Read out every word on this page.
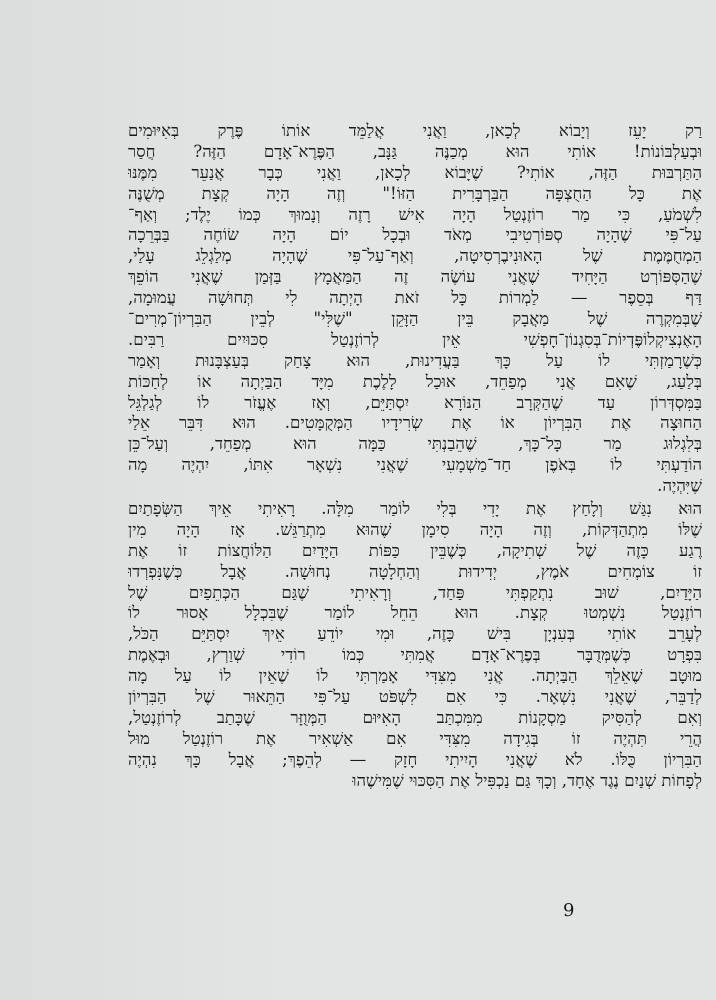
רַק יָעֵז וְיָבוֹא לְכָאן, וַאֲנִי אֲלַמֵּד אוֹתוֹ פֶּרֶק בְּאִיּוּמִים
וּבְעַלְבּוֹנוֹת! אוֹתִי הוּא מְכַנֶּה גַּנָּב, הַפֶּרֶא־אָדָם הַזֶּה? חֲסַר
הַתַּרְבּוּת הַזֶּה, אוֹתִי? שֶׁיָּבוֹא לְכָאן, וַאֲנִי כְּבָר אֲנַעֵר מִמֶּנּוּ
אֶת כָּל הַחֻצְפָּה הַבַּרְבָּרִית הַזּוֹ!" וְזֶה הָיָה קְצָת מְשֻׁנֶּה
לִשְׁמֹעַ, כִּי מַר רוֹזֶנְטַל הָיָה אִישׁ רָזֶה וְנָמוּךְ כְּמוֹ יֶלֶד; וְאַף־
עַל־פִּי שֶׁהָיָה סְפּוֹרְטִיבִי מְאֹד וּבְכָל יוֹם הָיָה שׂוֹחֶה בַּבְּרֵכָה
הַמְחֻמֶּמֶת שֶׁל הָאוּנִיבֶרְסִיטָה, וְאַף־עַל־פִּי שֶׁהָיָה מְלַגְלֵג עָלַי,
שֶׁהַסְּפּוֹרְט הַיָּחִיד שֶׁאֲנִי עוֹשֶׂה זֶה הַמַּאֲמָץ בַּזְּמַן שֶׁאֲנִי הוֹפֵךְ
דַּף בְּסֵפֶר — לַמְרוֹת כָּל זֹאת הָיְתָה לִי תְּחוּשָׁה עֲמוּמָה,
שֶׁבְּמִקְרֶה שֶׁל מַאֲבָק בֵּין הַזָּקֵן "שֶׁלִּי" לְבֵין הַבִּרְיוֹן־מְרִים־
הָאֶנְצִיקְלוֹפֶּדְיוֹת־בְּסִגְנוֹן־חָפְשִׁי אֵין לְרוֹזֶנְטַל סִכּוּיִים רַבִּים.
כְּשֶׁרָמַזְתִּי לוֹ עַל כָּךְ בַּעֲדִינוּת, הוּא צָחַק בְּעַצְבָּנוּת וְאָמַר
בְּלַעַג, שֶׁאִם אֲנִי מְפַחֵד, אוּכַל לָלֶכֶת מִיָּד הַבַּיְתָה אוֹ לְחַכּוֹת
בַּמִּסְדְּרוֹן עַד שֶׁהַקְּרָב הַנּוֹרָא יִסְתַּיֵּם, וְאָז אֶעֱזֹר לוֹ לְגַלְגֵּל
הַחוּצָה אֶת הַבִּרְיוֹן אוֹ אֶת שְׂרִידָיו הַמְּקֻמָּטִים. הוּא דִּבֵּר אֵלַי
בְּלִגְלוּג מַר כָּל־כָּךְ, שֶׁהֵבַנְתִּי כַּמָּה הוּא מְפַחֵד, וְעַל־כֵּן
הוֹדַעְתִּי לוֹ בְּאֹפֶן חַד־מַשְׁמָעִי שֶׁאֲנִי נִשְׁאָר אִתּוֹ, יִהְיֶה מָה
שֶׁיִּהְיֶה.
הוּא נִגַּשׁ וְלָחַץ אֶת יָדִי בְּלִי לוֹמַר מִלָּה. רָאִיתִי אֵיךְ הַשְּׂפָתַיִם
שֶׁלּוֹ מִתְהַדְּקוֹת, וְזֶה הָיָה סִימָן שֶׁהוּא מִתְרַגֵּשׁ. אָז הָיָה מִין
רֶגַע כָּזֶה שֶׁל שְׁתִיקָה, כְּשֶׁבֵּין כַּפּוֹת הַיָּדַיִם הַלּוֹחֲצוֹת זוֹ אֶת
זוֹ צוֹמְחִים אֹמֶץ, יְדִידוּת וְהַחְלָטָה נְחוּשָׁה. אֲבָל כְּשֶׁנִּפְרְדוּ
הַיָּדַיִם, שׁוּב נִתְקַפְתִּי פַּחַד, וְרָאִיתִי שֶׁגַּם הַכְּתֵפַיִם שֶׁל
רוֹזֶנְטַל נִשְׁמְטוּ קְצָת. הוּא הֵחֵל לוֹמַר שֶׁבִּכְלָל אָסוּר לוֹ
לְעָרֵב אוֹתִי בְּעִנְיָן בִּישׁ כָּזֶה, וּמִי יוֹדֵעַ אֵיךְ יִסְתַּיֵּם הַכֹּל,
בִּפְרָט כְּשֶׁמְּדֻבָּר בְּפֶרֶא־אָדָם אֲמִתִּי כְּמוֹ רוֹדִי שְׁוַרְץ, וּבְאֶמֶת
מוּטָב שֶׁאֵלֵךְ הַבַּיְתָה. אֲנִי מִצִּדִּי אָמַרְתִּי לוֹ שֶׁאֵין לוֹ עַל מָה
לְדַבֵּר, שֶׁאֲנִי נִשְׁאָר. כִּי אִם לִשְׁפֹּט עַל־פִּי הַתֵּאוּר שֶׁל הַבִּרְיוֹן
וְאִם לְהַסִּיק מַסְקָנוֹת מִמִּכְתַּב הָאִיּוּם הַמְּוֻזָּר שֶׁכָּתַב לְרוֹזֶנְטַל,
הֲרֵי תִּהְיֶה זוֹ בְּגִידָה מִצִּדִּי אִם אַשְׁאִיר אֶת רוֹזֶנְטַל מוּל
הַבִּרְיוֹן כֻּלּוֹ. לֹא שֶׁאֲנִי הָיִיתִי חָזָק — לְהֵפֶךְ; אֲבָל כָּךְ נִהְיֶה
לְפָחוֹת שְׁנַיִם נֶגֶד אֶחָד, וְכָךְ גַּם נַכְפִּיל אֶת הַסִּכּוּי שֶׁמִּישֶׁהוּ
9
